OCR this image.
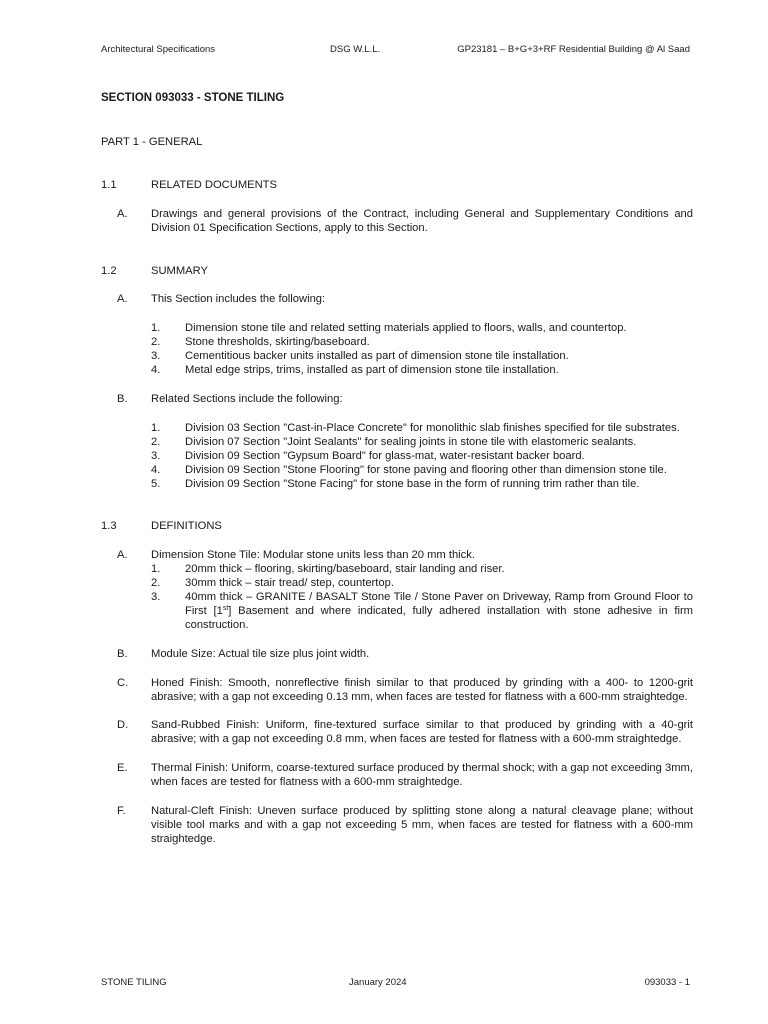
Architectural Specifications	DSG W.L.L.	GP23181 – B+G+3+RF Residential Building @ Al Saad
SECTION 093033 - STONE TILING
PART 1 - GENERAL
1.1	RELATED DOCUMENTS
A. Drawings and general provisions of the Contract, including General and Supplementary Conditions and Division 01 Specification Sections, apply to this Section.
1.2	SUMMARY
A. This Section includes the following:
1. Dimension stone tile and related setting materials applied to floors, walls, and countertop.
2. Stone thresholds, skirting/baseboard.
3. Cementitious backer units installed as part of dimension stone tile installation.
4. Metal edge strips, trims, installed as part of dimension stone tile installation.
B. Related Sections include the following:
1. Division 03 Section "Cast-in-Place Concrete" for monolithic slab finishes specified for tile substrates.
2. Division 07 Section "Joint Sealants" for sealing joints in stone tile with elastomeric sealants.
3. Division 09 Section "Gypsum Board" for glass-mat, water-resistant backer board.
4. Division 09 Section "Stone Flooring" for stone paving and flooring other than dimension stone tile.
5. Division 09 Section "Stone Facing" for stone base in the form of running trim rather than tile.
1.3	DEFINITIONS
A. Dimension Stone Tile: Modular stone units less than 20 mm thick.
1. 20mm thick – flooring, skirting/baseboard, stair landing and riser.
2. 30mm thick – stair tread/ step, countertop.
3. 40mm thick – GRANITE / BASALT Stone Tile / Stone Paver on Driveway, Ramp from Ground Floor to First [1st] Basement and where indicated, fully adhered installation with stone adhesive in firm construction.
B. Module Size: Actual tile size plus joint width.
C. Honed Finish: Smooth, nonreflective finish similar to that produced by grinding with a 400- to 1200-grit abrasive; with a gap not exceeding 0.13 mm, when faces are tested for flatness with a 600-mm straightedge.
D. Sand-Rubbed Finish: Uniform, fine-textured surface similar to that produced by grinding with a 40-grit abrasive; with a gap not exceeding 0.8 mm, when faces are tested for flatness with a 600-mm straightedge.
E. Thermal Finish: Uniform, coarse-textured surface produced by thermal shock; with a gap not exceeding 3mm, when faces are tested for flatness with a 600-mm straightedge.
F. Natural-Cleft Finish: Uneven surface produced by splitting stone along a natural cleavage plane; without visible tool marks and with a gap not exceeding 5 mm, when faces are tested for flatness with a 600-mm straightedge.
STONE TILING	January 2024	093033 - 1
